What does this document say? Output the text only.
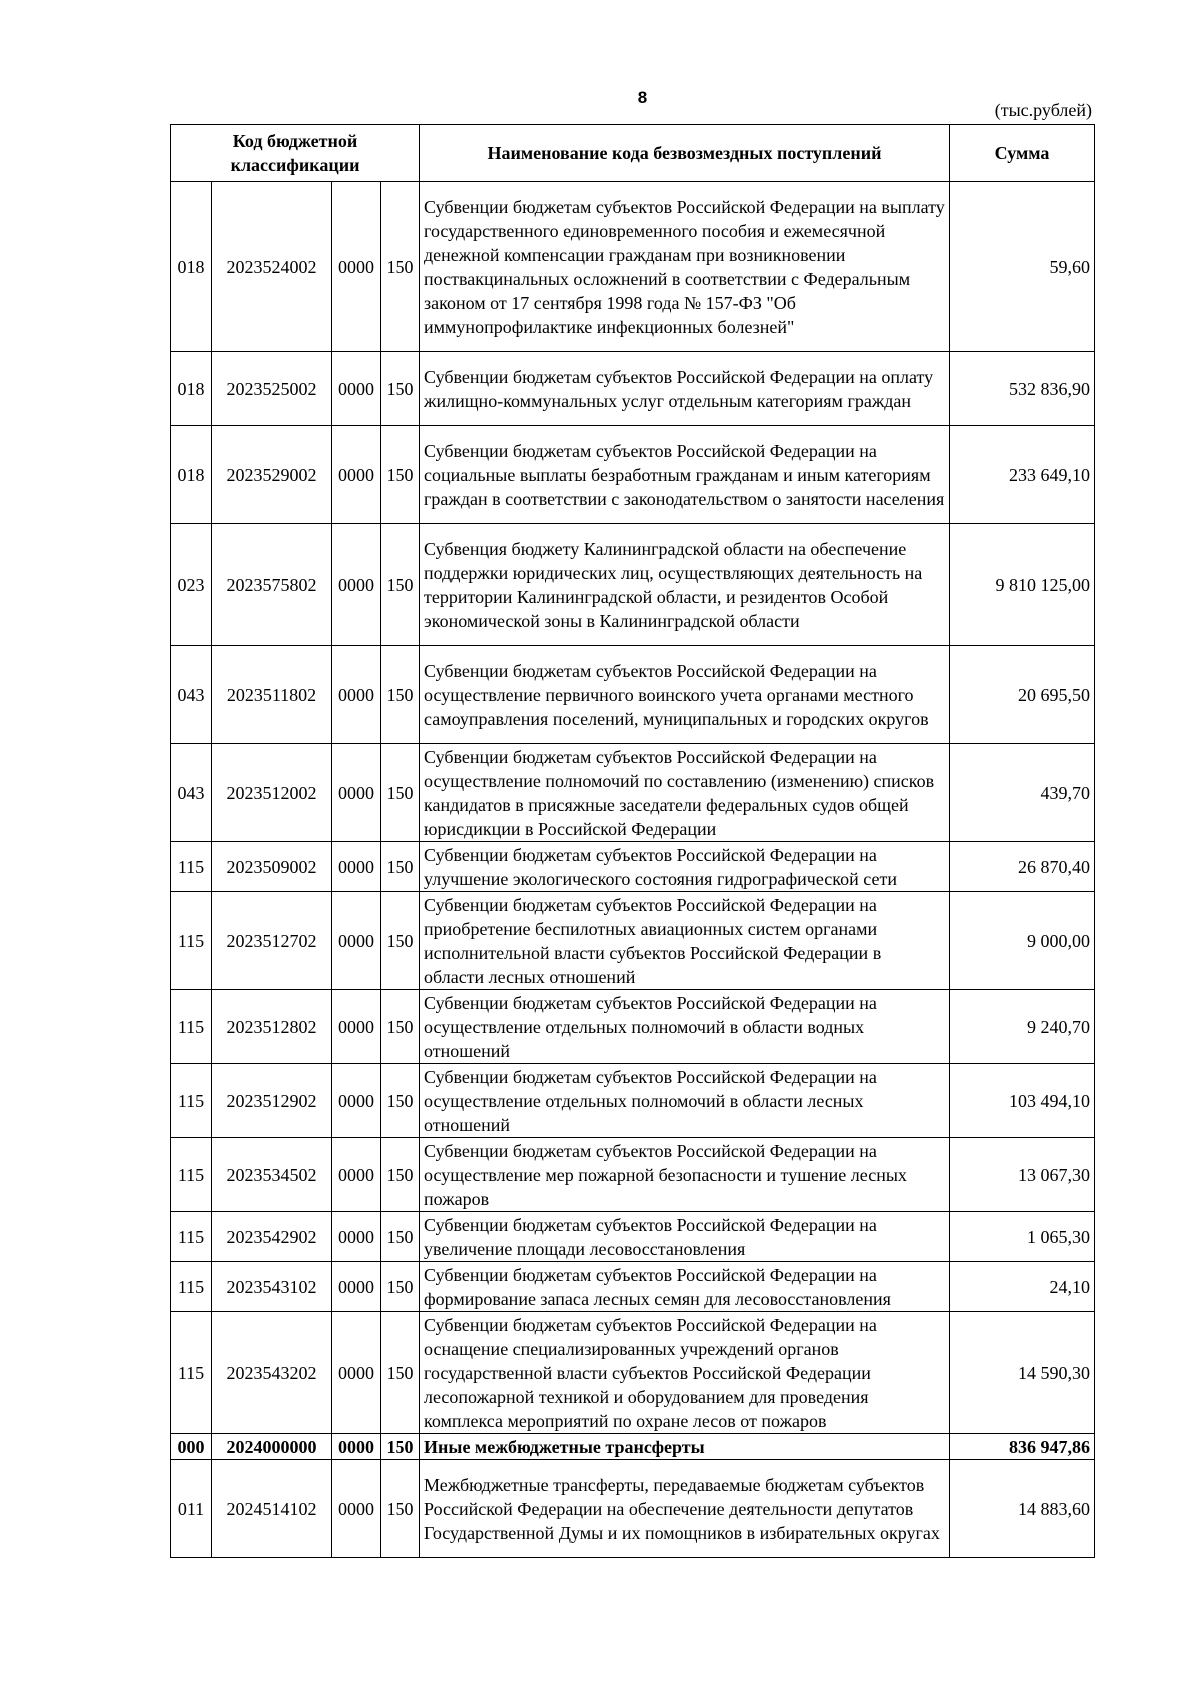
8
(тыс.рублей)
Код бюджетной классификации				Наименование кода безвозмездных поступлений	Сумма
018	2023524002	0000	150	Субвенции бюджетам субъектов Российской Федерации на выплату государственного единовременного пособия и ежемесячной денежной компенсации гражданам при возникновении поствакцинальных осложнений в соответствии с Федеральным законом от 17 сентября 1998 года № 157-ФЗ "Об иммунопрофилактике инфекционных болезней"	59,60
018	2023525002	0000	150	Субвенции бюджетам субъектов Российской Федерации на оплату жилищно-коммунальных услуг отдельным категориям граждан	532 836,90
018	2023529002	0000	150	Субвенции бюджетам субъектов Российской Федерации на социальные выплаты безработным гражданам и иным категориям граждан в соответствии с законодательством о занятости населения	233 649,10
023	2023575802	0000	150	Субвенция бюджету Калининградской области на обеспечение поддержки юридических лиц, осуществляющих деятельность на территории Калининградской области, и резидентов Особой экономической зоны в Калининградской области	9 810 125,00
043	2023511802	0000	150	Субвенции бюджетам субъектов Российской Федерации на осуществление первичного воинского учета органами местного самоуправления поселений, муниципальных и городских округов	20 695,50
043	2023512002	0000	150	Субвенции бюджетам субъектов Российской Федерации на осуществление полномочий по составлению (изменению) списков кандидатов в присяжные заседатели федеральных судов общей юрисдикции в Российской Федерации	439,70
115	2023509002	0000	150	Субвенции бюджетам субъектов Российской Федерации на улучшение экологического состояния гидрографической сети	26 870,40
115	2023512702	0000	150	Субвенции бюджетам субъектов Российской Федерации на приобретение беспилотных авиационных систем органами исполнительной власти субъектов Российской Федерации в области лесных отношений	9 000,00
115	2023512802	0000	150	Субвенции бюджетам субъектов Российской Федерации на осуществление отдельных полномочий в области водных отношений	9 240,70
115	2023512902	0000	150	Субвенции бюджетам субъектов Российской Федерации на осуществление отдельных полномочий в области лесных отношений	103 494,10
115	2023534502	0000	150	Субвенции бюджетам субъектов Российской Федерации на осуществление мер пожарной безопасности и тушение лесных пожаров	13 067,30
115	2023542902	0000	150	Субвенции бюджетам субъектов Российской Федерации на увеличение площади лесовосстановления	1 065,30
115	2023543102	0000	150	Субвенции бюджетам субъектов Российской Федерации на формирование запаса лесных семян для лесовосстановления	24,10
115	2023543202	0000	150	Субвенции бюджетам субъектов Российской Федерации на оснащение специализированных учреждений органов государственной власти субъектов Российской Федерации лесопожарной техникой и оборудованием для проведения комплекса мероприятий по охране лесов от пожаров	14 590,30
000	2024000000	0000	150	Иные межбюджетные трансферты	836 947,86
011	2024514102	0000	150	Межбюджетные трансферты, передаваемые бюджетам субъектов Российской Федерации на обеспечение деятельности депутатов Государственной Думы и их помощников в избирательных округах	14 883,60
